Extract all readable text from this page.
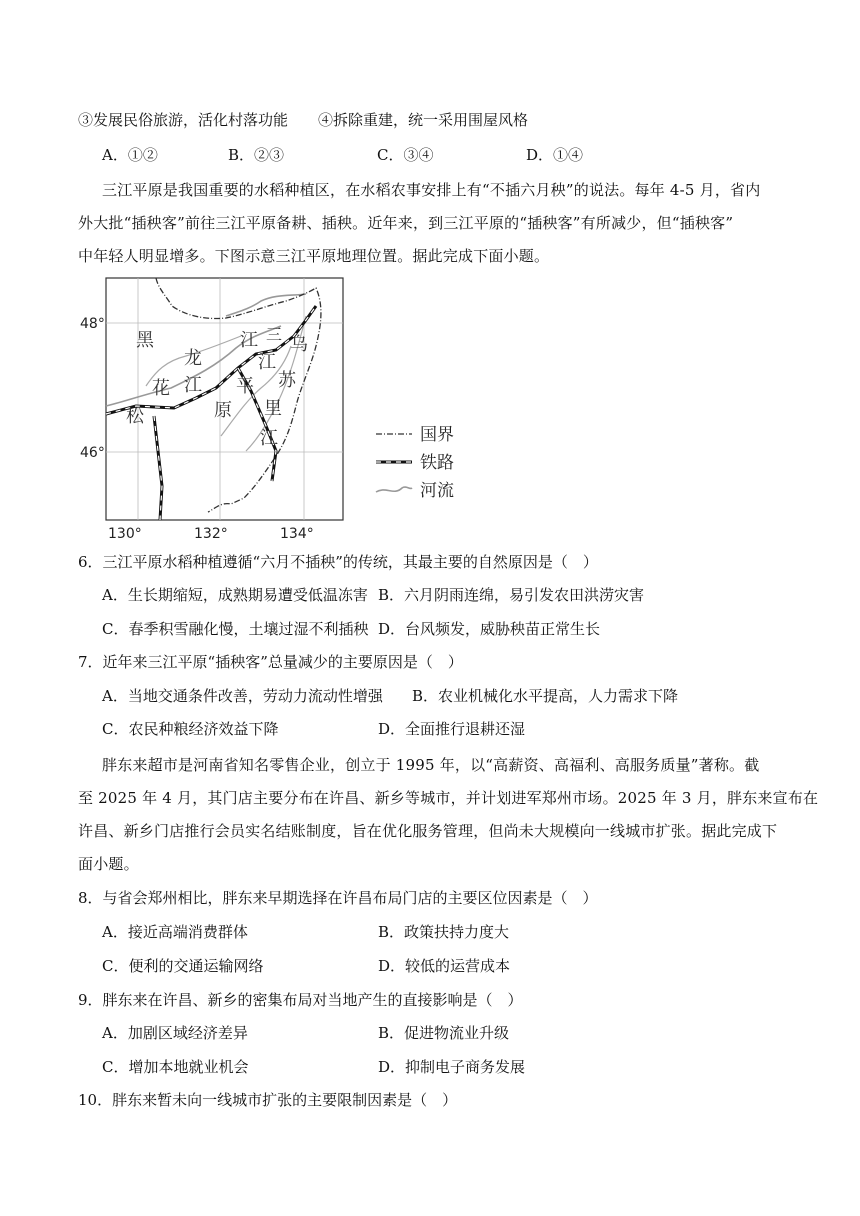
③发展民俗旅游，活化村落功能　　④拆除重建，统一采用围屋风格
A．①②	B．②③	C．③④	D．①④
三江平原是我国重要的水稻种植区，在水稻农事安排上有“不插六月秧”的说法。每年 4-5 月，省内
外大批“插秧客”前往三江平原备耕、插秧。近年来，到三江平原的“插秧客”有所减少，但“插秧客”
中年轻人明显增多。下图示意三江平原地理位置。据此完成下面小题。
48°
46°
130°	132°	134°
黑
龙
江
花
松
江 三
江
平
原
乌
苏
里
江	国界
铁路
河流
6．三江平原水稻种植遵循“六月不插秧”的传统，其最主要的自然原因是（　）
A．生长期缩短，成熟期易遭受低温冻害 B．六月阴雨连绵，易引发农田洪涝灾害
C．春季积雪融化慢，土壤过湿不利插秧 D．台风频发，威胁秧苗正常生长
7．近年来三江平原“插秧客”总量减少的主要原因是（　）
A．当地交通条件改善，劳动力流动性增强 B．农业机械化水平提高，人力需求下降
C．农民种粮经济效益下降	D．全面推行退耕还湿
胖东来超市是河南省知名零售企业，创立于 1995 年，以“高薪资、高福利、高服务质量”著称。截
至 2025 年 4 月，其门店主要分布在许昌、新乡等城市，并计划进军郑州市场。2025 年 3 月，胖东来宣布在
许昌、新乡门店推行会员实名结账制度，旨在优化服务管理，但尚未大规模向一线城市扩张。据此完成下
面小题。
8．与省会郑州相比，胖东来早期选择在许昌布局门店的主要区位因素是（　）
A．接近高端消费群体	B．政策扶持力度大
C．便利的交通运输网络	D．较低的运营成本
9．胖东来在许昌、新乡的密集布局对当地产生的直接影响是（　）
A．加剧区域经济差异	B．促进物流业升级
C．增加本地就业机会	D．抑制电子商务发展
10．胖东来暂未向一线城市扩张的主要限制因素是（　）
